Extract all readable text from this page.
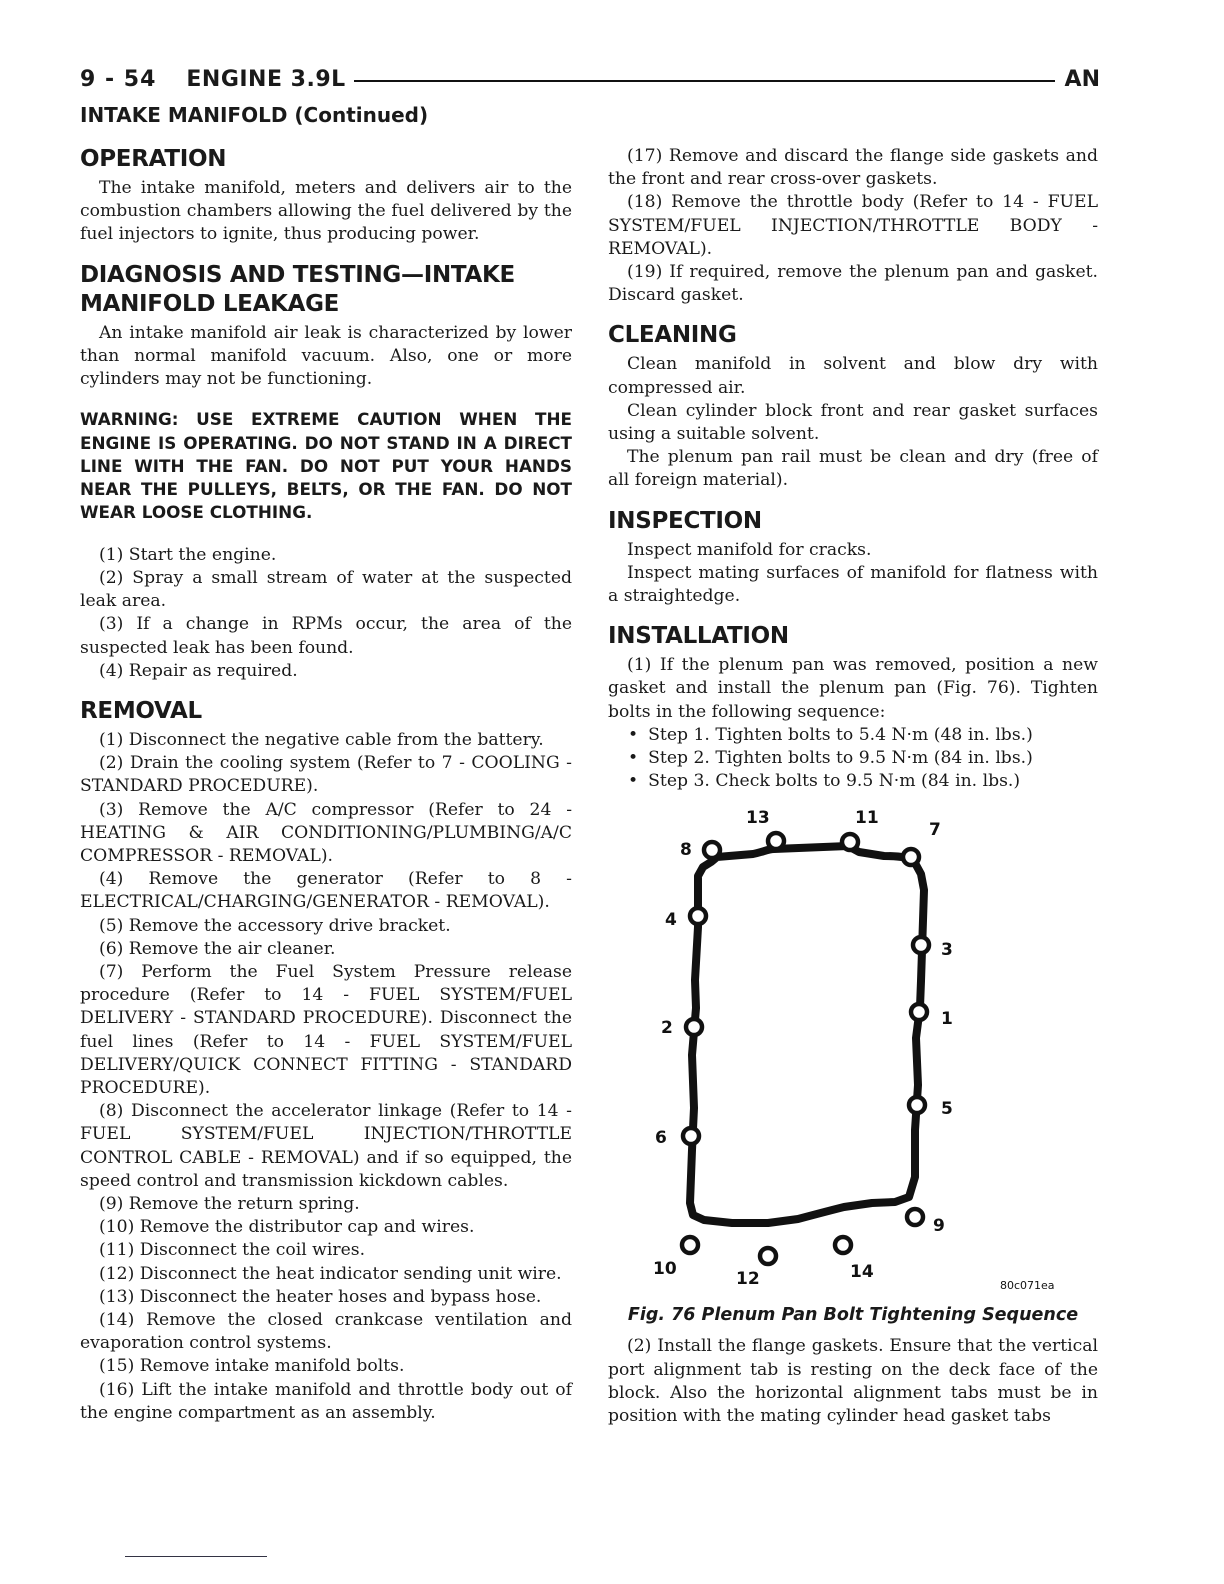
9 - 54 ENGINE 3.9L	AN
INTAKE MANIFOLD (Continued)
OPERATION

The intake manifold, meters and delivers air to the combustion chambers allowing the fuel delivered by the fuel injectors to ignite, thus producing power.

DIAGNOSIS AND TESTING—INTAKE MANIFOLD LEAKAGE

An intake manifold air leak is characterized by lower than normal manifold vacuum. Also, one or more cylinders may not be functioning.

WARNING: USE EXTREME CAUTION WHEN THE ENGINE IS OPERATING. DO NOT STAND IN A DIRECT LINE WITH THE FAN. DO NOT PUT YOUR HANDS NEAR THE PULLEYS, BELTS, OR THE FAN. DO NOT WEAR LOOSE CLOTHING.

(1) Start the engine.

(2) Spray a small stream of water at the suspected leak area.

(3) If a change in RPMs occur, the area of the suspected leak has been found.

(4) Repair as required.

REMOVAL

(1) Disconnect the negative cable from the battery.

(2) Drain the cooling system (Refer to 7 - COOLING - STANDARD PROCEDURE).

(3) Remove the A/C compressor (Refer to 24 - HEATING & AIR CONDITIONING/PLUMBING/A/C COMPRESSOR - REMOVAL).

(4) Remove the generator (Refer to 8 - ELECTRICAL/CHARGING/GENERATOR - REMOVAL).

(5) Remove the accessory drive bracket.

(6) Remove the air cleaner.

(7) Perform the Fuel System Pressure release procedure (Refer to 14 - FUEL SYSTEM/FUEL DELIVERY - STANDARD PROCEDURE). Disconnect the fuel lines (Refer to 14 - FUEL SYSTEM/FUEL DELIVERY/QUICK CONNECT FITTING - STANDARD PROCEDURE).

(8) Disconnect the accelerator linkage (Refer to 14 - FUEL SYSTEM/FUEL INJECTION/THROTTLE CONTROL CABLE - REMOVAL) and if so equipped, the speed control and transmission kickdown cables.

(9) Remove the return spring.

(10) Remove the distributor cap and wires.

(11) Disconnect the coil wires.

(12) Disconnect the heat indicator sending unit wire.

(13) Disconnect the heater hoses and bypass hose.

(14) Remove the closed crankcase ventilation and evaporation control systems.

(15) Remove intake manifold bolts.

(16) Lift the intake manifold and throttle body out of the engine compartment as an assembly.

(17) Remove and discard the flange side gaskets and the front and rear cross-over gaskets.

(18) Remove the throttle body (Refer to 14 - FUEL SYSTEM/FUEL INJECTION/THROTTLE BODY - REMOVAL).

(19) If required, remove the plenum pan and gasket. Discard gasket.

CLEANING

Clean manifold in solvent and blow dry with compressed air.

Clean cylinder block front and rear gasket surfaces using a suitable solvent.

The plenum pan rail must be clean and dry (free of all foreign material).

INSPECTION

Inspect manifold for cracks.

Inspect mating surfaces of manifold for flatness with a straightedge.

INSTALLATION

(1) If the plenum pan was removed, position a new gasket and install the plenum pan (Fig. 76). Tighten bolts in the following sequence:

• Step 1. Tighten bolts to 5.4 N·m (48 in. lbs.)
• Step 2. Tighten bolts to 9.5 N·m (84 in. lbs.)
• Step 3. Check bolts to 9.5 N·m (84 in. lbs.)
1
2
3
4
5
6
7
8
9
10
11
12
13
14
80c071ea
Fig. 76 Plenum Pan Bolt Tightening Sequence

(2) Install the flange gaskets. Ensure that the vertical port alignment tab is resting on the deck face of the block. Also the horizontal alignment tabs must be in position with the mating cylinder head gasket tabs
